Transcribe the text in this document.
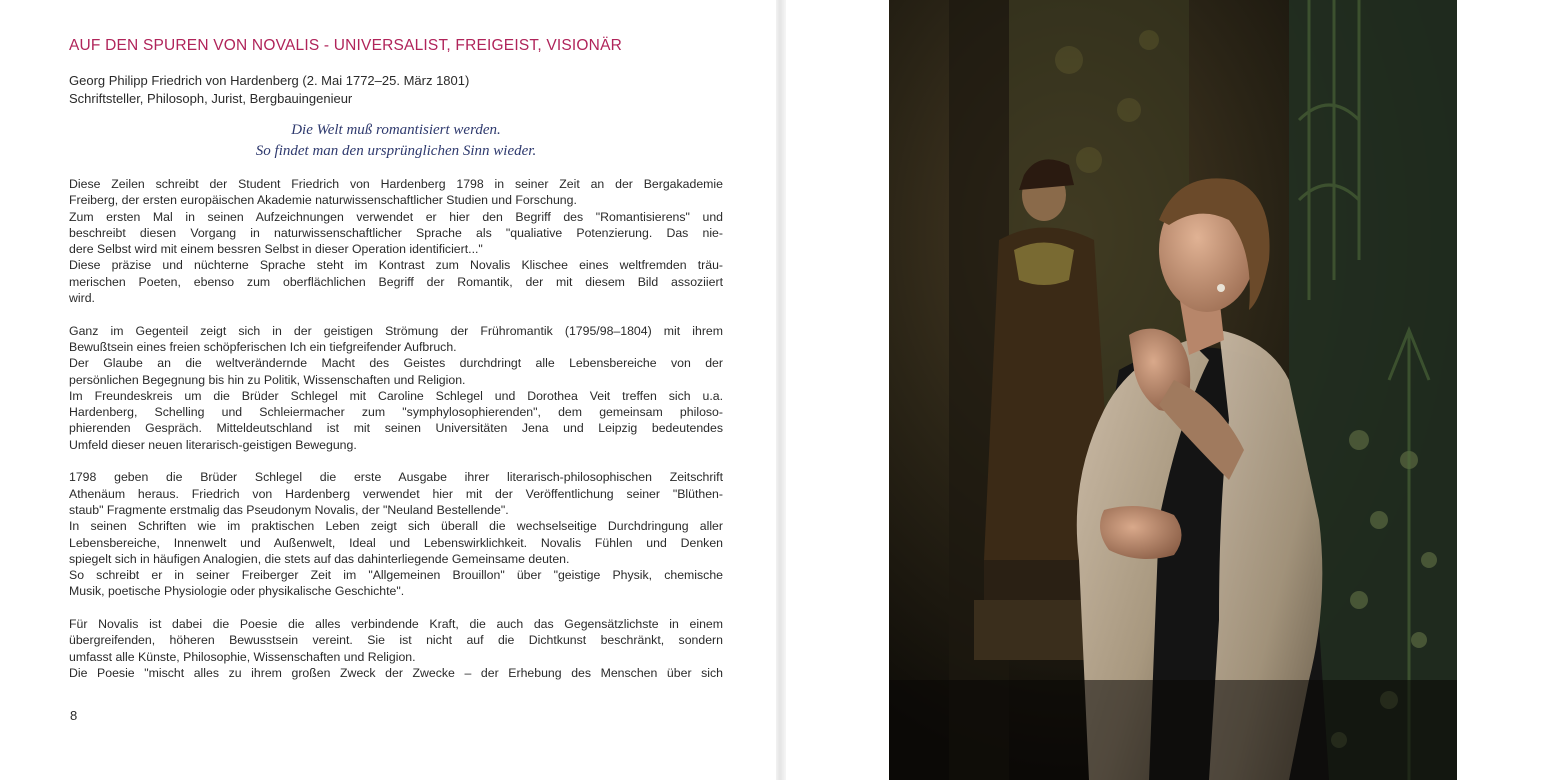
AUF DEN SPUREN VON NOVALIS - UNIVERSALIST, FREIGEIST, VISIONÄR
Georg Philipp Friedrich von Hardenberg (2. Mai 1772–25. März 1801)
Schriftsteller, Philosoph, Jurist, Bergbauingenieur
Die Welt muß romantisiert werden.
So findet man den ursprünglichen Sinn wieder.
Diese Zeilen schreibt der Student Friedrich von Hardenberg 1798 in seiner Zeit an der Bergakademie
Freiberg, der ersten europäischen Akademie naturwissenschaftlicher Studien und Forschung.
Zum ersten Mal in seinen Aufzeichnungen verwendet er hier den Begriff des "Romantisierens" und
beschreibt diesen Vorgang in naturwissenschaftlicher Sprache als "qualiative Potenzierung. Das nie-
dere Selbst wird mit einem bessren Selbst in dieser Operation identificiert..."
Diese präzise und nüchterne Sprache steht im Kontrast zum Novalis Klischee eines weltfremden träu-
merischen Poeten, ebenso zum oberflächlichen Begriff der Romantik, der mit diesem Bild assoziiert
wird.
Ganz im Gegenteil zeigt sich in der geistigen Strömung der Frühromantik (1795/98–1804) mit ihrem
Bewußtsein eines freien schöpferischen Ich ein tiefgreifender Aufbruch.
Der Glaube an die weltverändernde Macht des Geistes durchdringt alle Lebensbereiche von der
persönlichen Begegnung bis hin zu Politik, Wissenschaften und Religion.
Im Freundeskreis um die Brüder Schlegel mit Caroline Schlegel und Dorothea Veit treffen sich u.a.
Hardenberg, Schelling und Schleiermacher zum "symphylosophierenden", dem gemeinsam philoso-
phierenden Gespräch. Mitteldeutschland ist mit seinen Universitäten Jena und Leipzig bedeutendes
Umfeld dieser neuen literarisch-geistigen Bewegung.
1798 geben die Brüder Schlegel die erste Ausgabe ihrer literarisch-philosophischen Zeitschrift
Athenäum heraus. Friedrich von Hardenberg verwendet hier mit der Veröffentlichung seiner "Blüthen-
staub" Fragmente erstmalig das Pseudonym Novalis, der "Neuland Bestellende".
In seinen Schriften wie im praktischen Leben zeigt sich überall die wechselseitige Durchdringung aller
Lebensbereiche, Innenwelt und Außenwelt, Ideal und Lebenswirklichkeit. Novalis Fühlen und Denken
spiegelt sich in häufigen Analogien, die stets auf das dahinterliegende Gemeinsame deuten.
So schreibt er in seiner Freiberger Zeit im "Allgemeinen Brouillon" über "geistige Physik, chemische
Musik, poetische Physiologie oder physikalische Geschichte".
Für Novalis ist dabei die Poesie die alles verbindende Kraft, die auch das Gegensätzlichste in einem
übergreifenden, höheren Bewusstsein vereint. Sie ist nicht auf die Dichtkunst beschränkt, sondern
umfasst alle Künste, Philosophie, Wissenschaften und Religion.
Die Poesie "mischt alles zu ihrem großen Zweck der Zwecke – der Erhebung des Menschen über sich
8
